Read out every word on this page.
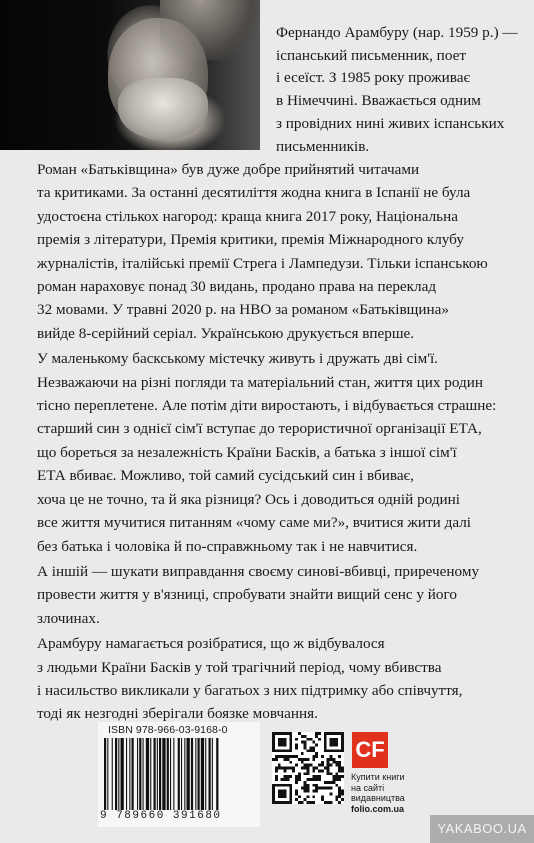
Фернандо Арамбуру (нар. 1959 р.) —

іспанський письменник, поет

і есеїст. З 1985 року проживає

в Німеччині. Вважається одним

з провідних нині живих іспанських

письменників.

Роман «Батьківщина» був дуже добре прийнятий читачами

та критиками. За останні десятиліття жодна книга в Іспанії не була

удостоєна стількох нагород: краща книга 2017 року, Національна

премія з літератури, Премія критики, премія Міжнародного клубу

журналістів, італійські премії Стрега і Лампедузи. Тільки іспанською

роман нараховує понад 30 видань, продано права на переклад

32 мовами. У травні 2020 р. на HBO за романом «Батьківщина»

вийде 8-серійний серіал. Українською друкується вперше.

У маленькому баскському містечку живуть і дружать дві сім'ї.

Незважаючи на різні погляди та матеріальний стан, життя цих родин

тісно переплетене. Але потім діти виростають, і відбувається страшне:

старший син з однієї сім'ї вступає до терористичної організації ЕТА,

що бореться за незалежність Країни Басків, а батька з іншої сім'ї

ЕТА вбиває. Можливо, той самий сусідський син і вбиває,

хоча це не точно, та й яка різниця? Ось і доводиться одній родині

все життя мучитися питанням «чому саме ми?», вчитися жити далі

без батька і чоловіка й по-справжньому так і не навчитися.

А іншій — шукати виправдання своєму синові-вбивці, приреченому

провести життя у в'язниці, спробувати знайти вищий сенс у його

злочинах.

Арамбуру намагається розібратися, що ж відбувалося

з людьми Країни Басків у той трагічний період, чому вбивства

і насильство викликали у багатьох з них підтримку або співчуття,

тоді як незгодні зберігали боязке мовчання.

ISBN 978-966-03-9168-0
9 789660 391680
CF
Купити книги
на сайті
видавництва
folio.com.ua
YAKABOO.UA
